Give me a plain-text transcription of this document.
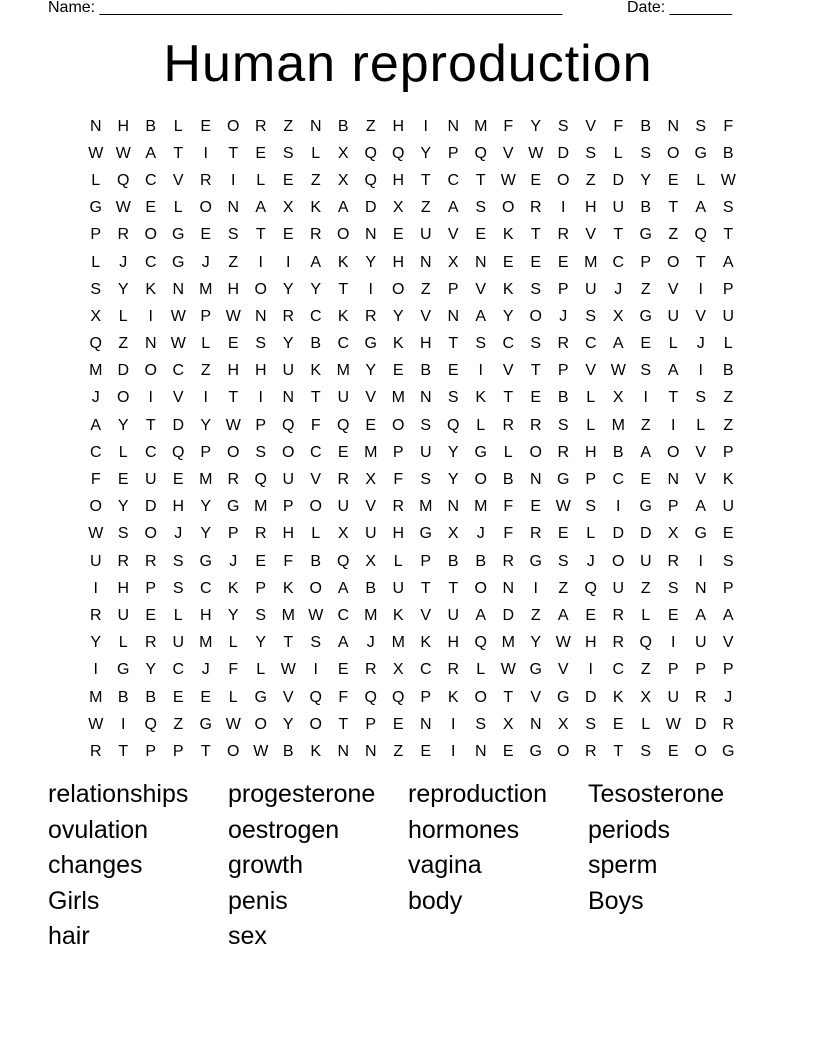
Name: ____________________________________________________	Date: _______
Human reproduction
N H	B	L	E O R	Z	N	B	Z	H	I	N M F	Y	S	V	F	B	N	S	F
W W A	T	I	T	E	S	L	X Q Q Y	P Q V W D	S	L	S O G B
L	Q C	V	R	I	L	E	Z	X Q H	T	C	T W E O	Z	D	Y	E	L W
G W E	L	O N	A	X	K	A	D	X	Z	A	S O R	I	H U	B	T	A	S
P	R O G E	S	T	E	R O N	E	U	V	E	K	T	R	V	T	G	Z	Q	T
L	J	C G	J	Z	I	I	A	K	Y	H N	X	N	E	E	E M C	P O	T	A
S	Y	K	N M H O Y	Y	T	I	O	Z	P	V	K	S	P	U	J	Z	V	I	P
X	L	I	W P W N R C	K	R	Y	V	N	A	Y O	J	S	X G U	V	U
Q	Z	N W L	E	S	Y	B	C G K	H	T	S	C	S	R C	A	E	L	J	L
M D O C	Z	H H U	K M Y	E	B	E	I	V	T	P	V W S	A	I	B
J	O	I	V	I	T	I	N	T	U	V M N	S	K	T	E	B	L	X	I	T	S	Z
A	Y	T	D	Y W P Q	F	Q E O S Q	L	R R	S	L	M Z	I	L	Z
C	L	C Q P O S O C	E M P	U	Y G	L	O R H	B	A O V	P
F	E	U	E M R Q U	V	R	X	F	S	Y O B	N G P	C	E	N	V	K
O Y	D H	Y G M P O U	V	R M N M F	E W S	I	G P	A	U
W S O	J	Y	P	R H	L	X	U H G X	J	F	R	E	L	D D	X G E
U R R	S G	J	E	F	B Q X	L	P	B	B	R G S	J	O U R	I	S
I	H	P	S	C	K	P	K O A	B	U	T	T	O N	I	Z	Q U	Z	S	N	P
R U	E	L	H	Y	S M W C M K	V	U	A	D	Z	A	E	R	L	E	A	A
Y	L	R U M	L	Y	T	S	A	J	M K	H Q M Y W H R Q	I	U	V
I	G Y	C	J	F	L W	I	E	R	X	C R	L W G V	I	C	Z	P	P	P
M B	B	E	E	L	G V Q	F	Q Q P	K O	T	V G D	K	X	U R	J
W	I	Q	Z	G W O Y O	T	P	E	N	I	S	X	N	X	S	E	L W D R
R	T	P	P	T	O W B	K	N N	Z	E	I	N	E G O R	T	S	E O G
relationships	progesterone	reproduction	Tesosterone
ovulation	oestrogen	hormones	periods
changes	growth	vagina	sperm
Girls	penis	body	Boys
hair	sex
